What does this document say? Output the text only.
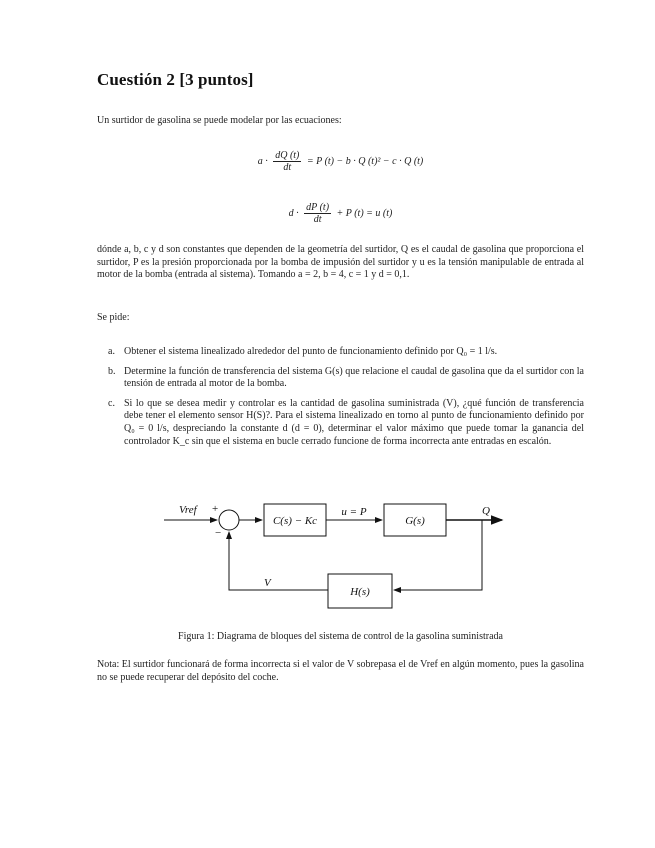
Cuestión 2 [3 puntos]

Un surtidor de gasolina se puede modelar por las ecuaciones:

$a \cdot \frac{dQ (t)}{dt} = P$ (t) − b · Q (t)² − c · Q (t)
$d \cdot \frac{dP (t)}{dt} + P$ (t) = u (t)

dónde a, b, c y d son constantes que dependen de la geometría del surtidor, Q es el caudal de gasolina que proporciona el surtidor, P es la presión proporcionada por la bomba de impusión del surtidor y u es la tensión manipulable de entrada al motor de la bomba (entrada al sistema). Tomando a = 2, b = 4, c = 1 y d = 0,1.

Se pide:

a. Obtener el sistema linealizado alrededor del punto de funcionamiento definido por Q₀ = 1 l/s.
b. Determine la función de transferencia del sistema G(s) que relacione el caudal de gasolina que da el surtidor con la tensión de entrada al motor de la bomba.
c. Si lo que se desea medir y controlar es la cantidad de gasolina suministrada (V), ¿qué función de transferencia debe tener el elemento sensor H(S)?. Para el sistema linealizado en torno al punto de funcionamiento definido por Q₀ = 0 l/s, despreciando la constante d (d = 0), determinar el valor máximo que puede tomar la ganancia del controlador K_c sin que el sistema en bucle cerrado funcione de forma incorrecta ante entradas en escalón.
Vref +
−
C(s) − Kc
u = P
G(s)
Q
H(s)
V
Figura 1: Diagrama de bloques del sistema de control de la gasolina suministrada

Nota: El surtidor funcionará de forma incorrecta si el valor de V sobrepasa el de Vref en algún momento, pues la gasolina no se puede recuperar del depósito del coche.
